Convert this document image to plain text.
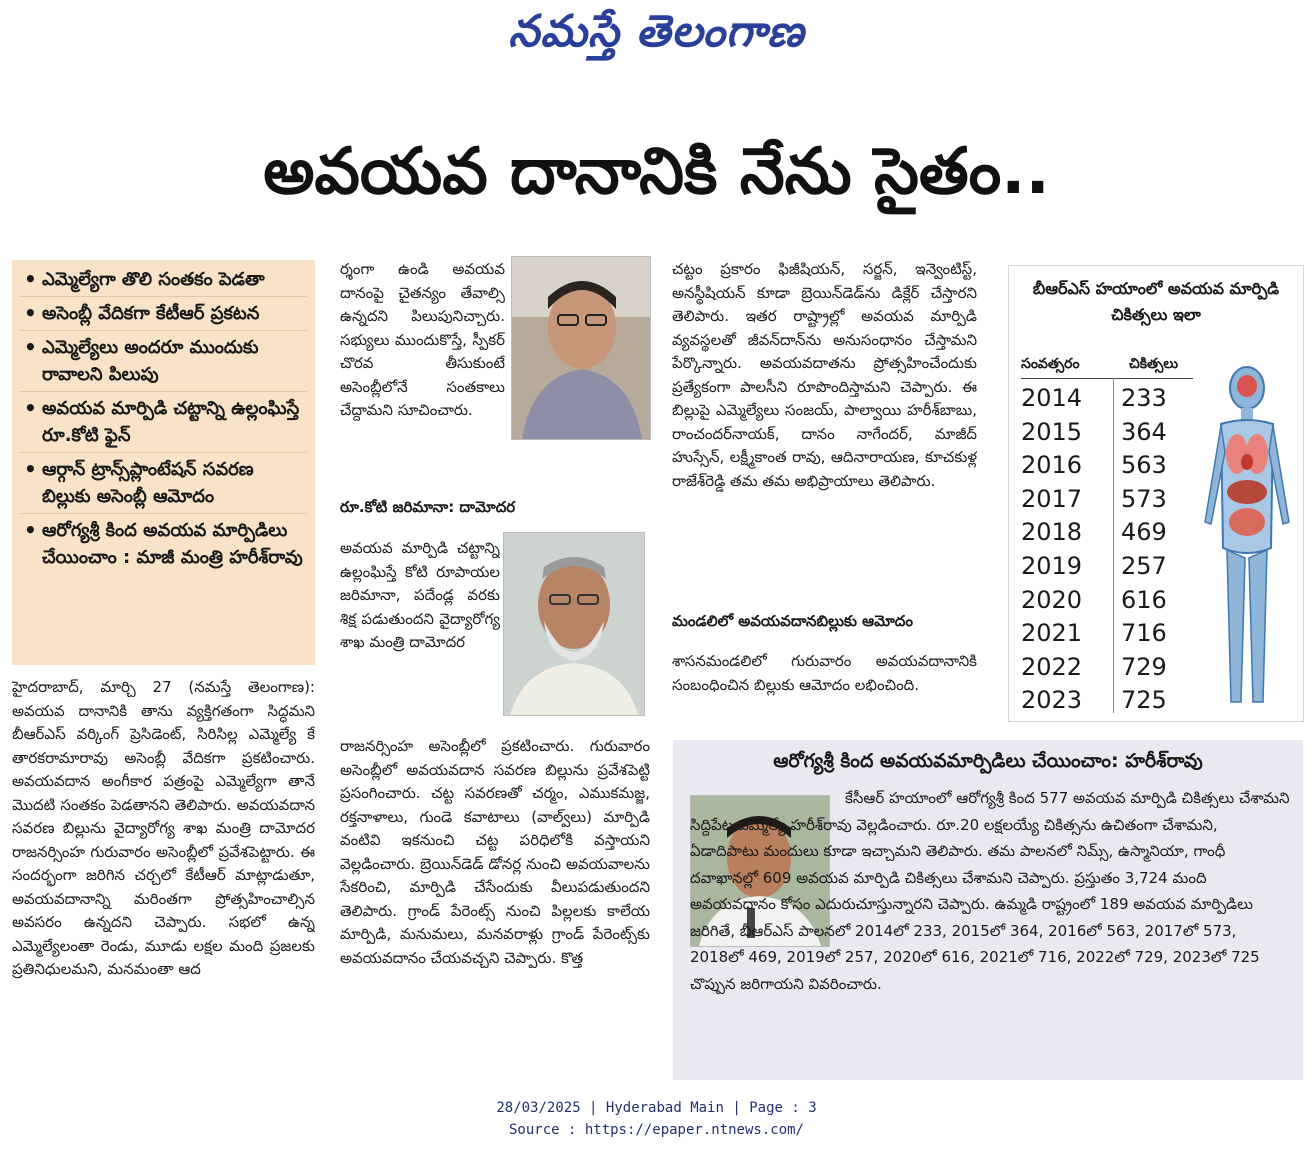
నమస్తే తెలంగాణ
అవయవ దానానికి నేను సైతం..
• ఎమ్మెల్యేగా తొలి సంతకం పెడతా
• అసెంబ్లీ వేదికగా కేటీఆర్ ప్రకటన
• ఎమ్మెల్యేలు అందరూ ముందుకు రావాలని పిలుపు
• అవయవ మార్పిడి చట్టాన్ని ఉల్లంఘిస్తే రూ.కోటి ఫైన్
• ఆర్గాన్ ట్రాన్స్‌ప్లాంటేషన్ సవరణ బిల్లుకు అసెంబ్లీ ఆమోదం
• ఆరోగ్యశ్రీ కింద అవయవ మార్పిడిలు చేయించాం : మాజీ మంత్రి హరీశ్‌రావు
హైదరాబాద్, మార్చి 27 (నమస్తే తెలంగాణ): అవయవ దానానికి తాను వ్యక్తిగతంగా సిద్ధమని బీఆర్‌ఎస్ వర్కింగ్ ప్రెసిడెంట్, సిరిసిల్ల ఎమ్మెల్యే కే తారకరామారావు అసెంబ్లీ వేదికగా ప్రకటించారు. అవయవదాన అంగీకార పత్రంపై ఎమ్మెల్యేగా తానే మొదటి సంతకం పెడతానని తెలిపారు. అవయవదాన సవరణ బిల్లును వైద్యారోగ్య శాఖ మంత్రి దామోదర రాజనర్సింహ గురువారం అసెంబ్లీలో ప్రవేశపెట్టారు. ఈ సందర్భంగా జరిగిన చర్చలో కేటీఆర్ మాట్లాడుతూ, అవయవదానాన్ని మరింతగా ప్రోత్సహించాల్సిన అవసరం ఉన్నదని చెప్పారు. సభలో ఉన్న ఎమ్మెల్యేలంతా రెండు, మూడు లక్షల మంది ప్రజలకు ప్రతినిధులమని, మనమంతా ఆద
ర్శంగా ఉండి అవయవ దానంపై చైతన్యం తేవాల్సి ఉన్నదని పిలుపునిచ్చారు. సభ్యులు ముందుకొస్తే, స్పీకర్ చొరవ తీసుకుంటే అసెంబ్లీలోనే సంతకాలు చేద్దామని సూచించారు.
రూ.కోటి జరిమానా: దామోదర
అవయవ మార్పిడి చట్టాన్ని ఉల్లంఘిస్తే కోటి రూపాయల జరిమానా, పదేండ్ల వరకు శిక్ష పడుతుందని వైద్యారోగ్య శాఖ మంత్రి దామోదర
రాజనర్సింహ అసెంబ్లీలో ప్రకటించారు. గురువారం అసెంబ్లీలో అవయవదాన సవరణ బిల్లును ప్రవేశపెట్టి ప్రసంగించారు. చట్ట సవరణతో చర్మం, ఎముకమజ్జ, రక్తనాళాలు, గుండె కవాటాలు (వాల్వ్‌లు) మార్పిడి వంటివి ఇకనుంచి చట్ట పరిధిలోకి వస్తాయని వెల్లడించారు. బ్రెయిన్‌డెడ్ డోనర్ల నుంచి అవయవాలను సేకరించి, మార్పిడి చేసేందుకు వీలుపడుతుందని తెలిపారు. గ్రాండ్ పేరెంట్స్ నుంచి పిల్లలకు కాలేయ మార్పిడి, మనుమలు, మనవరాళ్లు గ్రాండ్ పేరెంట్స్‌కు అవయవదానం చేయవచ్చని చెప్పారు. కొత్త
చట్టం ప్రకారం ఫిజీషియన్, సర్జన్, ఇన్వెంటిస్ట్, అనస్థీషియన్ కూడా బ్రెయిన్‌డెడ్‌ను డిక్లేర్ చేస్తారని తెలిపారు. ఇతర రాష్ట్రాల్లో అవయవ మార్పిడి వ్యవస్థలతో జీవన్‌దాన్‌ను అనుసంధానం చేస్తామని పేర్కొన్నారు. అవయవదాతను ప్రోత్సహించేందుకు ప్రత్యేకంగా పాలసీని రూపొందిస్తామని చెప్పారు. ఈ బిల్లుపై ఎమ్మెల్యేలు సంజయ్, పాల్వాయి హరీశ్‌బాబు, రాంచందర్‌నాయక్, దానం నాగేందర్, మాజీద్ హుస్సేన్, లక్ష్మీకాంత రావు, ఆదినారాయణ, కూచకుళ్ల రాజేశ్‌రెడ్డి తమ తమ అభిప్రాయాలు తెలిపారు.
మండలిలో అవయవదానబిల్లుకు ఆమోదం
శాసనమండలిలో గురువారం అవయవదానానికి సంబంధించిన బిల్లుకు ఆమోదం లభించింది.
బీఆర్‌ఎస్ హయాంలో అవయవ మార్పిడి చికిత్సలు ఇలా
సంవత్సరం	చికిత్సలు
2014 233
2015 364
2016 563
2017 573
2018 469
2019 257
2020 616
2021 716
2022 729
2023 725
ఆరోగ్యశ్రీ కింద అవయవమార్పిడిలు చేయించాం: హరీశ్‌రావు
కేసీఆర్ హయాంలో ఆరోగ్యశ్రీ కింద 577 అవయవ మార్పిడి చికిత్సలు చేశామని సిద్దిపేట ఎమ్మెల్యే హరీశ్‌రావు వెల్లడించారు. రూ.20 లక్షలయ్యే చికిత్సను ఉచితంగా చేశామని, ఏడాదిపాటు మందులు కూడా ఇచ్చామని తెలిపారు. తమ పాలనలో నిమ్స్, ఉస్మానియా, గాంధీ దవాఖానల్లో 609 అవయవ మార్పిడి చికిత్సలు చేశామని చెప్పారు. ప్రస్తుతం 3,724 మంది అవయవదానం కోసం ఎదురుచూస్తున్నారని చెప్పారు. ఉమ్మడి రాష్ట్రంలో 189 అవయవ మార్పిడిలు జరిగితే, బీఆర్‌ఎస్ పాలనలో 2014లో 233, 2015లో 364, 2016లో 563, 2017లో 573, 2018లో 469, 2019లో 257, 2020లో 616, 2021లో 716, 2022లో 729, 2023లో 725 చొప్పున జరిగాయని వివరించారు.
28/03/2025 | Hyderabad Main | Page : 3
Source : https://epaper.ntnews.com/
